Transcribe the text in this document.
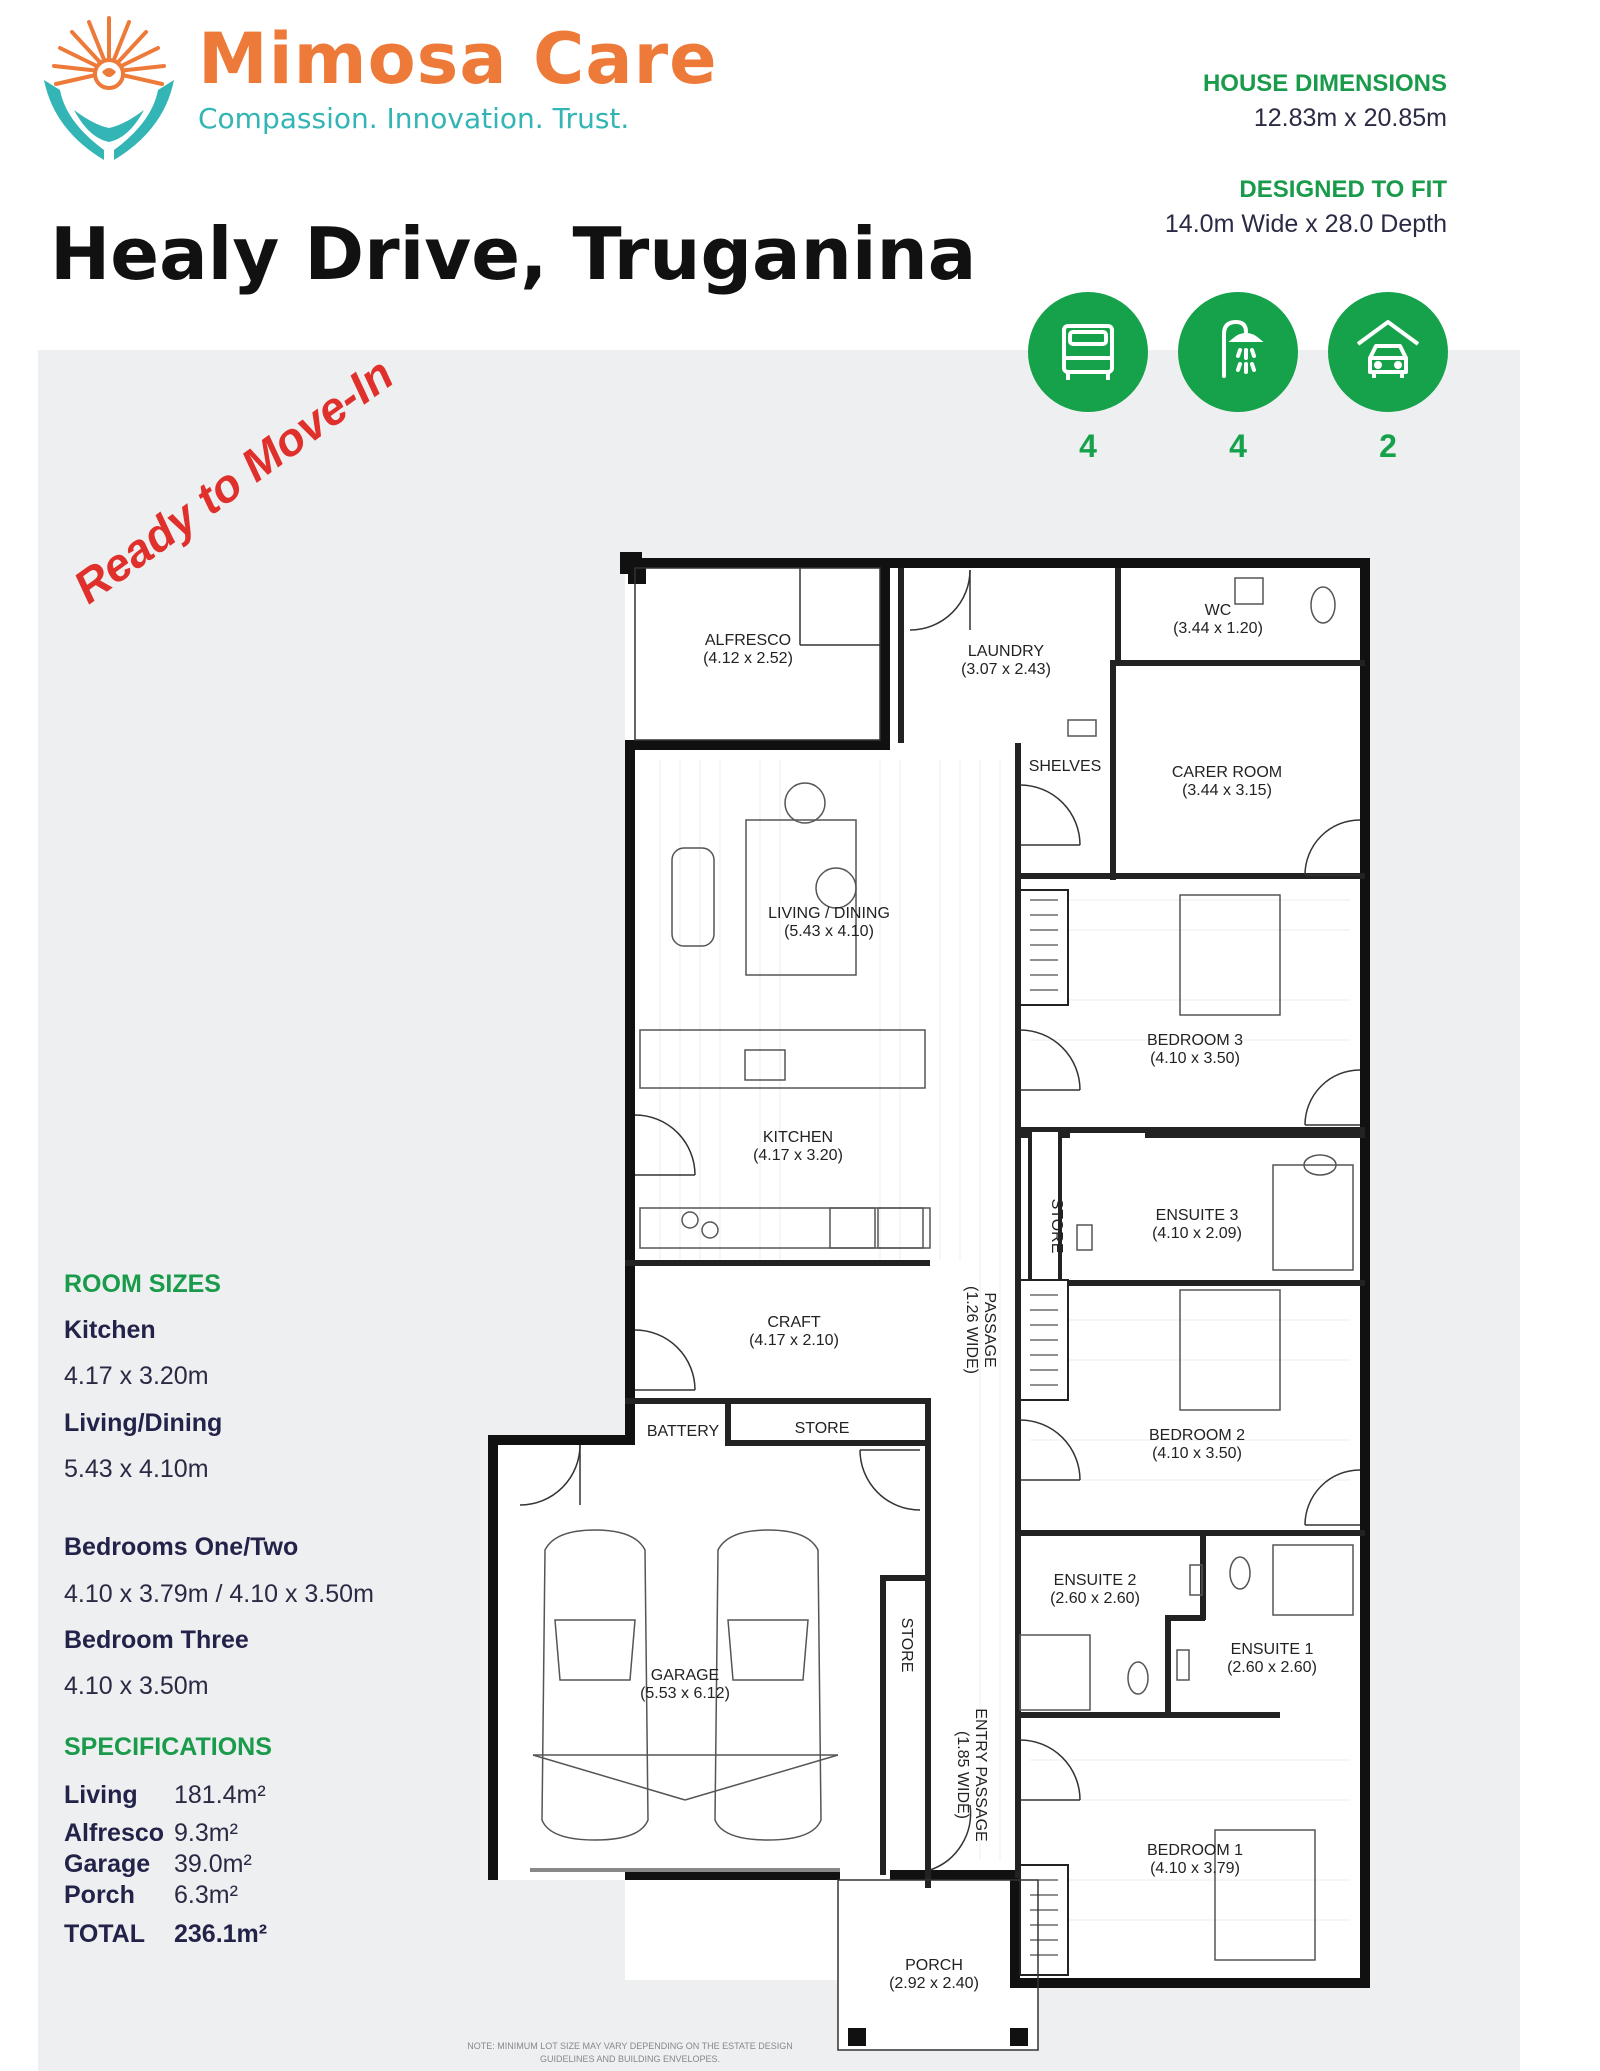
Mimosa Care

Compassion. Innovation. Trust.

Healy Drive, Truganina
HOUSE DIMENSIONS
12.83m x 20.85m
DESIGNED TO FIT
14.0m Wide x 28.0 Depth
4	4	2
Ready to Move-In
ROOM SIZES
Kitchen
4.17 x 3.20m
Living/Dining
5.43 x 4.10m
Bedrooms One/Two
4.10 x 3.79m / 4.10 x 3.50m
Bedroom Three
4.10 x 3.50m
SPECIFICATIONS
Living 181.4m²
Alfresco 9.3m²
Garage 39.0m²
Porch 6.3m²
TOTAL 236.1m²
ALFRESCO
(4.12 x 2.52)	LAUNDRY
(3.07 x 2.43)
WC
(3.44 x 1.20)
SHELVES	CARER ROOM
(3.44 x 3.15)
LIVING / DINING
(5.43 x 4.10)
BEDROOM 3
(4.10 x 3.50)
KITCHEN
(4.17 x 3.20)
ENSUITE 3
(4.10 x 2.09)
CRAFT
(4.17 x 2.10)
BEDROOM 2
(4.10 x 3.50)
BATTERY	STORE
ENSUITE 2
(2.60 x 2.60)
ENSUITE 1
(2.60 x 2.60)
GARAGE
(5.53 x 6.12)
BEDROOM 1
(4.10 x 3.79)
PORCH
(2.92 x 2.40)
STORE
STORE
PASSAGE
(1.26 WIDE)
ENTRY PASSAGE
(1.85 WIDE)
NOTE: MINIMUM LOT SIZE MAY VARY DEPENDING ON THE ESTATE DESIGN GUIDELINES AND BUILDING ENVELOPES.
